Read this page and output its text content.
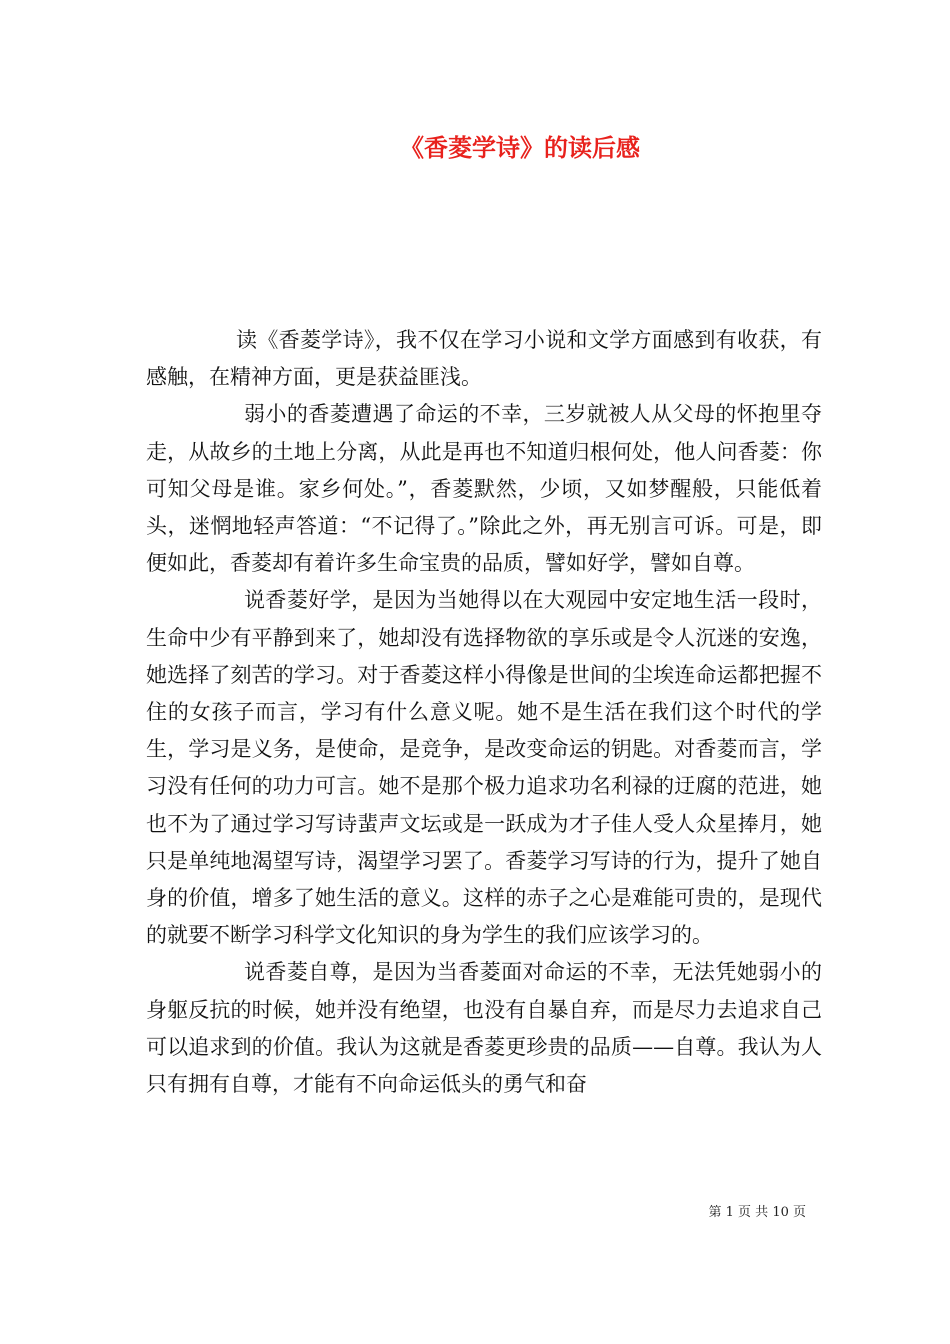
《香菱学诗》的读后感

读《香菱学诗》，我不仅在学习小说和文学方面感到有收获，有感触，在精神方面，更是获益匪浅。

弱小的香菱遭遇了命运的不幸，三岁就被人从父母的怀抱里夺走，从故乡的土地上分离，从此是再也不知道归根何处，他人问香菱：你可知父母是谁。家乡何处。”，香菱默然，少顷，又如梦醒般，只能低着头，迷惘地轻声答道：“不记得了。”除此之外，再无别言可诉。可是，即便如此，香菱却有着许多生命宝贵的品质，譬如好学，譬如自尊。

说香菱好学，是因为当她得以在大观园中安定地生活一段时，生命中少有平静到来了，她却没有选择物欲的享乐或是令人沉迷的安逸，她选择了刻苦的学习。对于香菱这样小得像是世间的尘埃连命运都把握不住的女孩子而言，学习有什么意义呢。她不是生活在我们这个时代的学生，学习是义务，是使命，是竞争，是改变命运的钥匙。对香菱而言，学习没有任何的功力可言。她不是那个极力追求功名利禄的迂腐的范进，她也不为了通过学习写诗蜚声文坛或是一跃成为才子佳人受人众星捧月，她只是单纯地渴望写诗，渴望学习罢了。香菱学习写诗的行为，提升了她自身的价值，增多了她生活的意义。这样的赤子之心是难能可贵的，是现代的就要不断学习科学文化知识的身为学生的我们应该学习的。

说香菱自尊，是因为当香菱面对命运的不幸，无法凭她弱小的身躯反抗的时候，她并没有绝望，也没有自暴自弃，而是尽力去追求自己可以追求到的价值。我认为这就是香菱更珍贵的品质——自尊。我认为人只有拥有自尊，才能有不向命运低头的勇气和奋

第 1 页 共 10 页
